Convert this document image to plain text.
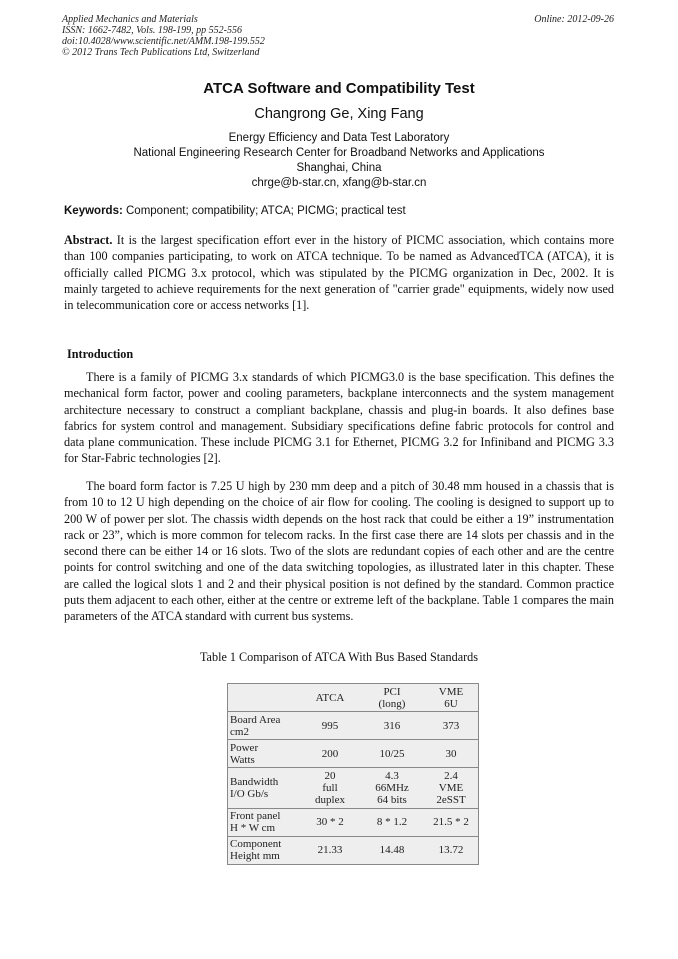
Applied Mechanics and Materials	Online: 2012-09-26
ISSN: 1662-7482, Vols. 198-199, pp 552-556
doi:10.4028/www.scientific.net/AMM.198-199.552
© 2012 Trans Tech Publications Ltd, Switzerland
ATCA Software and Compatibility Test
Changrong Ge, Xing Fang
Energy Efficiency and Data Test Laboratory
National Engineering Research Center for Broadband Networks and Applications
Shanghai, China
chrge@b-star.cn, xfang@b-star.cn
Keywords: Component; compatibility; ATCA; PICMG; practical test
Abstract. It is the largest specification effort ever in the history of PICMC association, which contains more than 100 companies participating, to work on ATCA technique. To be named as AdvancedTCA (ATCA), it is officially called PICMG 3.x protocol, which was stipulated by the PICMG organization in Dec, 2002. It is mainly targeted to achieve requirements for the next generation of "carrier grade" equipments, widely now used in telecommunication core or access networks [1].
Introduction
There is a family of PICMG 3.x standards of which PICMG3.0 is the base specification. This defines the mechanical form factor, power and cooling parameters, backplane interconnects and the system management architecture necessary to construct a compliant backplane, chassis and plug-in boards. It also defines base fabrics for system control and management. Subsidiary specifications define fabric protocols for control and data plane communication. These include PICMG 3.1 for Ethernet, PICMG 3.2 for Infiniband and PICMG 3.3 for Star-Fabric technologies [2].
The board form factor is 7.25 U high by 230 mm deep and a pitch of 30.48 mm housed in a chassis that is from 10 to 12 U high depending on the choice of air flow for cooling. The cooling is designed to support up to 200 W of power per slot. The chassis width depends on the host rack that could be either a 19” instrumentation rack or 23”, which is more common for telecom racks. In the first case there are 14 slots per chassis and in the second there can be either 14 or 16 slots. Two of the slots are redundant copies of each other and are the centre points for control switching and one of the data switching topologies, as illustrated later in this chapter. These are called the logical slots 1 and 2 and their physical position is not defined by the standard. Common practice puts them adjacent to each other, either at the centre or extreme left of the backplane. Table 1 compares the main parameters of the ATCA standard with current bus systems.
Table 1 Comparison of ATCA With Bus Based Standards
	ATCA	PCI
(long)	VME
6U
Board Area
cm2	995	316	373
Power
Watts	200	10/25	30
Bandwidth
I/O Gb/s	20
full
duplex	4.3
66MHz
64 bits	2.4
VME
2eSST
Front panel
H * W cm	30 * 2	8 * 1.2	21.5 * 2
Component
Height mm	21.33	14.48	13.72
